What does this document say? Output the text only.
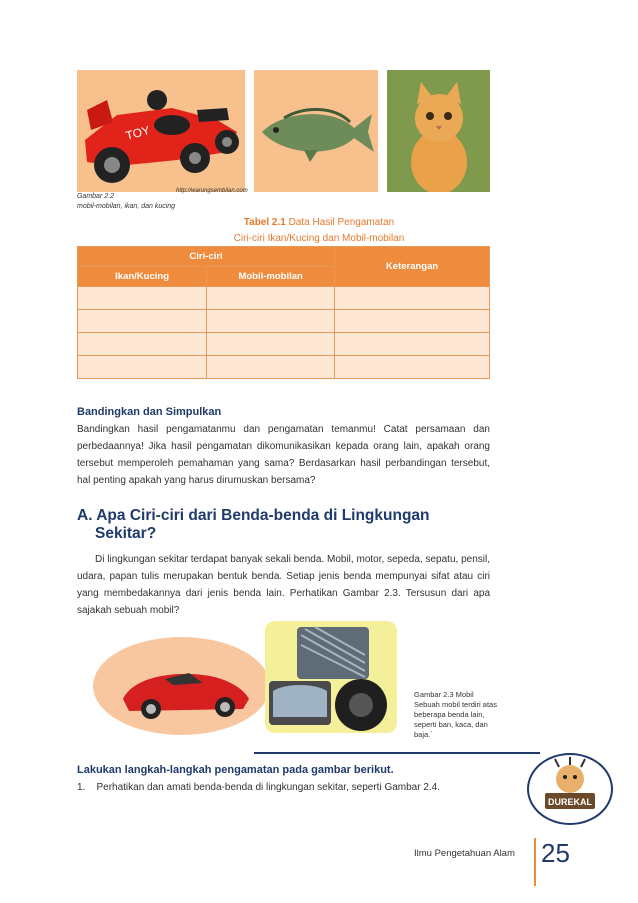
TOY
Gambar 2.2
http://warungsembilan.com
mobil-mobilan, ikan, dan kucing
Tabel 2.1 Data Hasil Pengamatan
Ciri-ciri Ikan/Kucing dan Mobil-mobilan
Ciri-ciri		Keterangan
Ikan/Kucing	Mobil-mobilan	

Bandingkan dan Simpulkan
Bandingkan hasil pengamatanmu dan pengamatan temanmu! Catat persamaan dan perbedaannya! Jika hasil pengamatan dikomunikasikan kepada orang lain, apakah orang tersebut memperoleh pemahaman yang sama? Berdasarkan hasil perbandingan tersebut, hal penting apakah yang harus dirumuskan bersama?
A. Apa Ciri-ciri dari Benda-benda di Lingkungan
Sekitar?
Di lingkungan sekitar terdapat banyak sekali benda. Mobil, motor, sepeda, sepatu, pensil, udara, papan tulis merupakan bentuk benda. Setiap jenis benda mempunyai sifat atau ciri yang membedakannya dari jenis benda lain. Perhatikan Gambar 2.3. Tersusun dari apa sajakah sebuah mobil?
Gambar 2.3 Mobil
Sebuah mobil terdiri atas
beberapa benda lain,
seperti ban, kaca, dan
baja.`
Lakukan langkah-langkah pengamatan pada gambar berikut.
1. Perhatikan dan amati benda-benda di lingkungan sekitar, seperti Gambar 2.4.
DUREKAL
Ilmu Pengetahuan Alam 25
